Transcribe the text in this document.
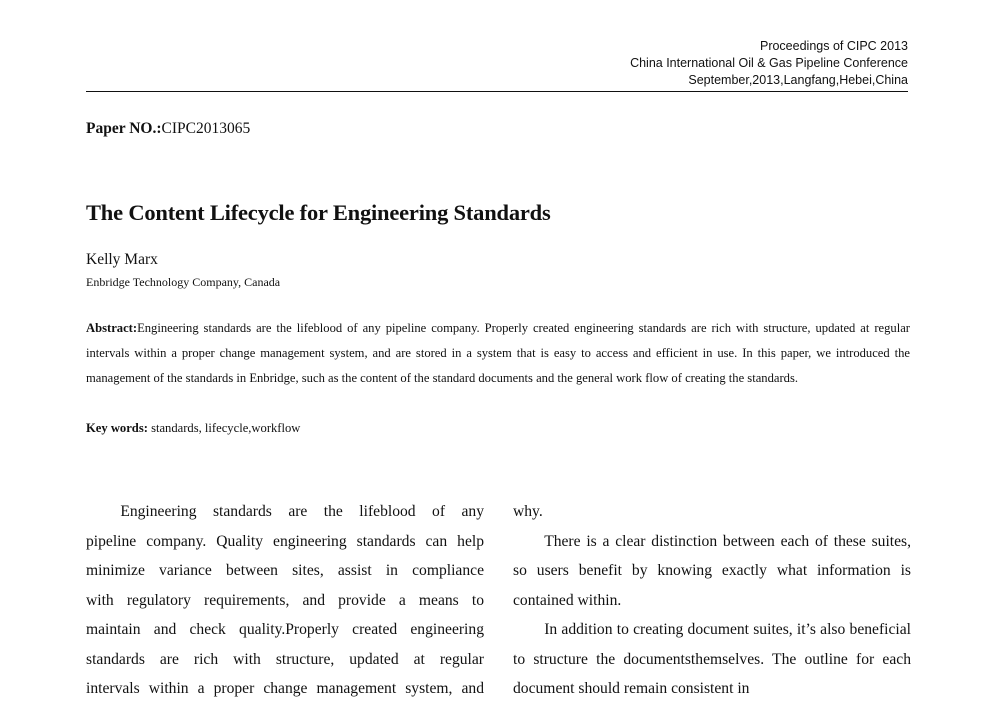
Proceedings of CIPC 2013
China International Oil & Gas Pipeline Conference
September,2013,Langfang,Hebei,China
Paper NO.:CIPC2013065
The Content Lifecycle for Engineering Standards
Kelly Marx
Enbridge Technology Company, Canada
Abstract:Engineering standards are the lifeblood of any pipeline company. Properly created engineering standards are rich with structure, updated at regular intervals within a proper change management system, and are stored in a system that is easy to access and efficient in use. In this paper, we introduced the management of the standards in Enbridge, such as the content of the standard documents and the general work flow of creating the standards.
Key words: standards, lifecycle,workflow
Engineering standards are the lifeblood of any
pipeline company. Quality engineering standards can help
minimize variance between sites, assist in compliance
with regulatory requirements, and provide a means to
maintain and check quality.Properly created engineering
standards are rich with structure, updated at regular
intervals within a proper change management system, and

why.

There is a clear distinction between each of these suites, so users benefit by knowing exactly what information is contained within.

In addition to creating document suites, it’s also beneficial to structure the documentsthemselves. The outline for each document should remain consistent in
